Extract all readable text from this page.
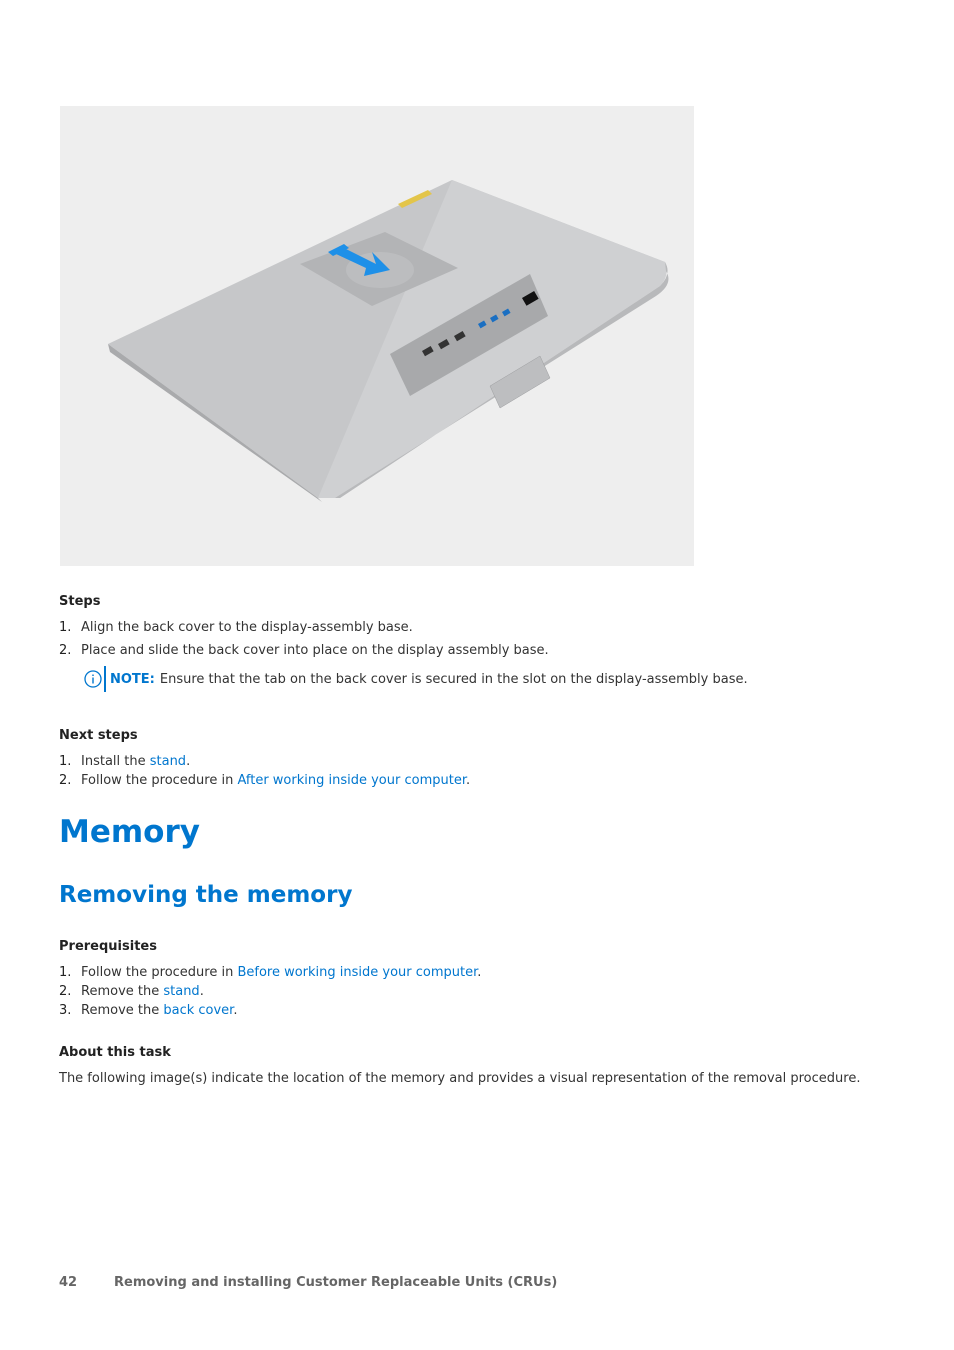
Steps
1. Align the back cover to the display-assembly base.
2. Place and slide the back cover into place on the display assembly base.
NOTE: Ensure that the tab on the back cover is secured in the slot on the display-assembly base.
Next steps
1. Install the stand.
2. Follow the procedure in After working inside your computer.
Memory
Removing the memory
Prerequisites
1. Follow the procedure in Before working inside your computer.
2. Remove the stand.
3. Remove the back cover.
About this task

The following image(s) indicate the location of the memory and provides a visual representation of the removal procedure.

42	Removing and installing Customer Replaceable Units (CRUs)
